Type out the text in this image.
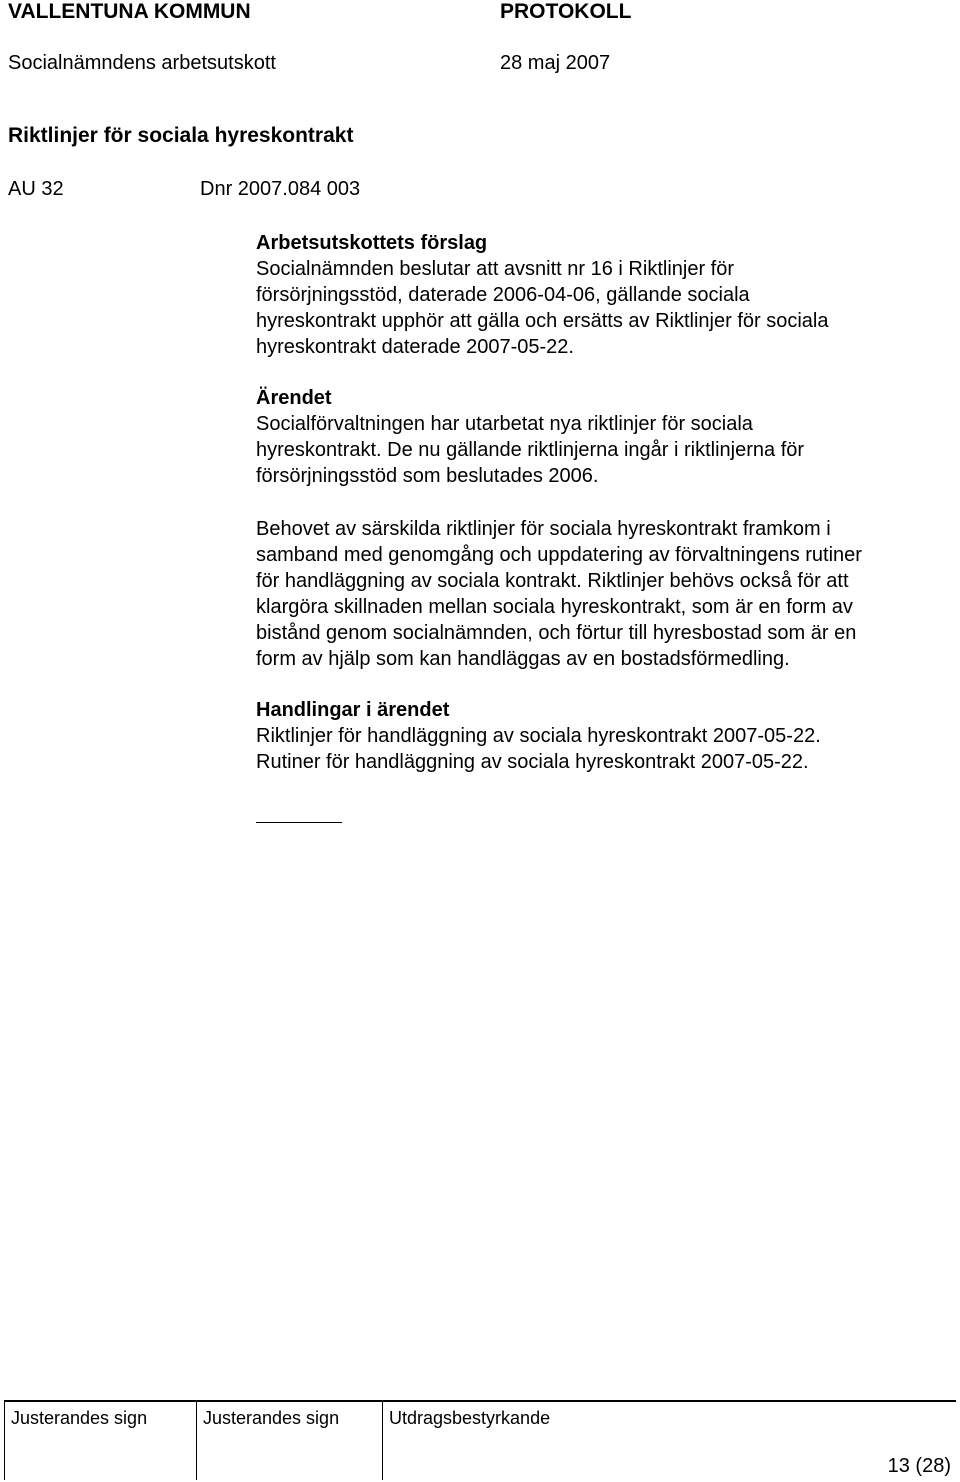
VALLENTUNA KOMMUN	PROTOKOLL
Socialnämndens arbetsutskott	28 maj 2007
Riktlinjer för sociala hyreskontrakt
AU 32	Dnr 2007.084 003
Arbetsutskottets förslag

Socialnämnden beslutar att avsnitt nr 16 i Riktlinjer för

försörjningsstöd, daterade 2006-04-06, gällande sociala

hyreskontrakt upphör att gälla och ersätts av Riktlinjer för sociala

hyreskontrakt daterade 2007-05-22.

Ärendet

Socialförvaltningen har utarbetat nya riktlinjer för sociala

hyreskontrakt. De nu gällande riktlinjerna ingår i riktlinjerna för

försörjningsstöd som beslutades 2006.

Behovet av särskilda riktlinjer för sociala hyreskontrakt framkom i

samband med genomgång och uppdatering av förvaltningens rutiner

för handläggning av sociala kontrakt. Riktlinjer behövs också för att

klargöra skillnaden mellan sociala hyreskontrakt, som är en form av

bistånd genom socialnämnden, och förtur till hyresbostad som är en

form av hjälp som kan handläggas av en bostadsförmedling.

Handlingar i ärendet

Riktlinjer för handläggning av sociala hyreskontrakt 2007-05-22.

Rutiner för handläggning av sociala hyreskontrakt 2007-05-22.

Justerandes sign	Justerandes sign	Utdragsbestyrkande
13 (28)
